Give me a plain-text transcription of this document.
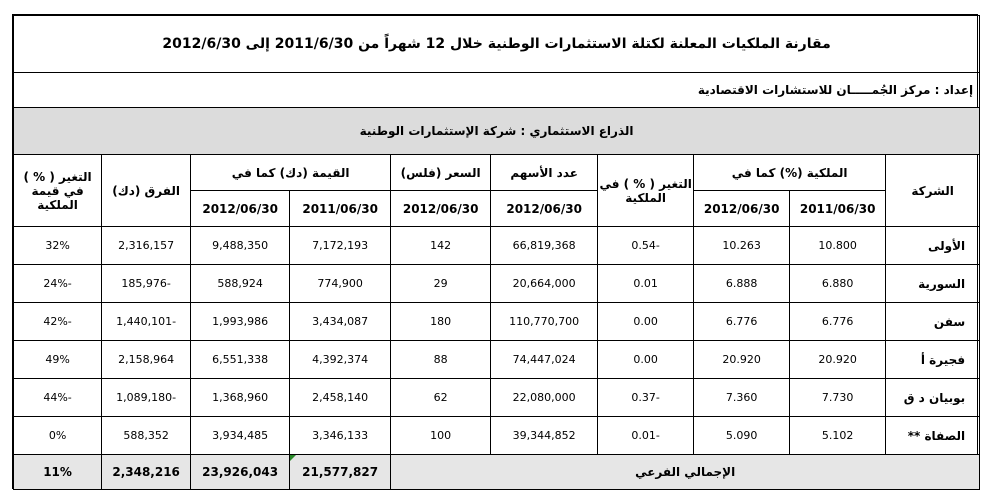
مقارنة الملكيات المعلنة لكتلة الاستثمارات الوطنية خلال 12 شهراً من 2011/6/30 إلى 2012/6/30									
إعداد : مركز الجُمـــــان للاستشارات الاقتصادية									
الذراع الاستثماري : شركة الإستثمارات الوطنية									
الشركة	الملكية (%) كما في		التغير ( % ) في الملكية	عدد الأسهم	السعر (فلس)	القيمة (دك) كما في		الفرق (دك)	التغير ( % ) في قيمة الملكية
	2011/06/30	2012/06/30		2012/06/30	2012/06/30	2011/06/30	2012/06/30		
الأولى	10.800	10.263	-0.54	66,819,368	142	7,172,193	9,488,350	2,316,157	32%
السورية	6.880	6.888	0.01	20,664,000	29	774,900	588,924	-185,976	-24%
سفن	6.776	6.776	0.00	110,770,700	180	3,434,087	1,993,986	-1,440,101	-42%
فجيرة أ	20.920	20.920	0.00	74,447,024	88	4,392,374	6,551,338	2,158,964	49%
بوبيان د ق	7.730	7.360	-0.37	22,080,000	62	2,458,140	1,368,960	-1,089,180	-44%
الصفاة **	5.102	5.090	-0.01	39,344,852	100	3,346,133	3,934,485	588,352	0%
الإجمالي الفرعي						21,577,827	23,926,043	2,348,216	11%
